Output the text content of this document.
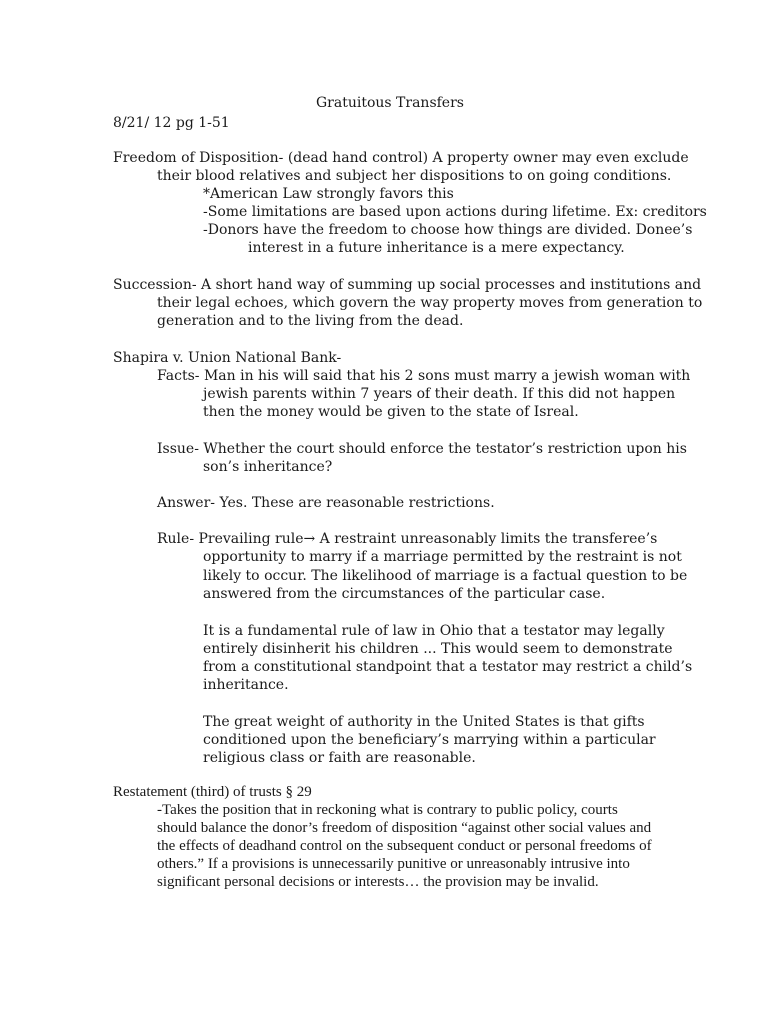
Gratuitous Transfers
8/21/ 12 pg 1-51
Freedom of Disposition- (dead hand control) A property owner may even exclude
their blood relatives and subject her dispositions to on going conditions.
*American Law strongly favors this
-Some limitations are based upon actions during lifetime. Ex: creditors
-Donors have the freedom to choose how things are divided. Donee’s
interest in a future inheritance is a mere expectancy.
Succession- A short hand way of summing up social processes and institutions and
their legal echoes, which govern the way property moves from generation to
generation and to the living from the dead.
Shapira v. Union National Bank-
Facts- Man in his will said that his 2 sons must marry a jewish woman with
jewish parents within 7 years of their death. If this did not happen
then the money would be given to the state of Isreal.
Issue- Whether the court should enforce the testator’s restriction upon his
son’s inheritance?
Answer- Yes. These are reasonable restrictions.
Rule- Prevailing rule→ A restraint unreasonably limits the transferee’s
opportunity to marry if a marriage permitted by the restraint is not
likely to occur. The likelihood of marriage is a factual question to be
answered from the circumstances of the particular case.
It is a fundamental rule of law in Ohio that a testator may legally
entirely disinherit his children ... This would seem to demonstrate
from a constitutional standpoint that a testator may restrict a child’s
inheritance.
The great weight of authority in the United States is that gifts
conditioned upon the beneficiary’s marrying within a particular
religious class or faith are reasonable.
Restatement (third) of trusts § 29
-Takes the position that in reckoning what is contrary to public policy, courts
should balance the donor’s freedom of disposition “against other social values and
the effects of deadhand control on the subsequent conduct or personal freedoms of
others.” If a provisions is unnecessarily punitive or unreasonably intrusive into
significant personal decisions or interests… the provision may be invalid.
